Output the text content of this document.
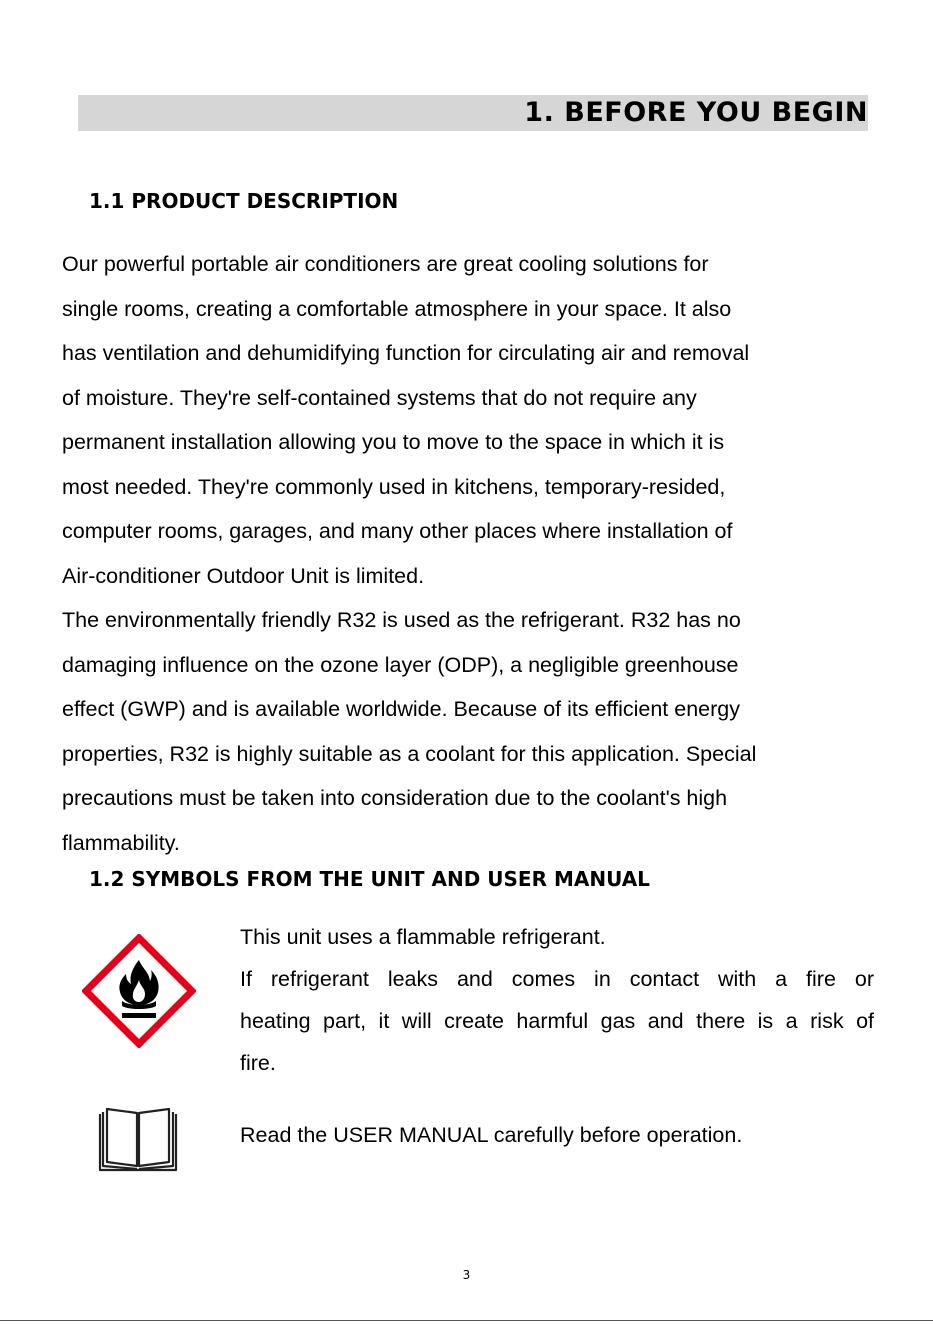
1. BEFORE YOU BEGIN
1.1 PRODUCT DESCRIPTION
Our powerful portable air conditioners are great cooling solutions for
single rooms, creating a comfortable atmosphere in your space. It also
has ventilation and dehumidifying function for circulating air and removal
of moisture. They're self-contained systems that do not require any
permanent installation allowing you to move to the space in which it is
most needed. They're commonly used in kitchens, temporary-resided,
computer rooms, garages, and many other places where installation of
Air-conditioner Outdoor Unit is limited.
The environmentally friendly R32 is used as the refrigerant. R32 has no
damaging influence on the ozone layer (ODP), a negligible greenhouse
effect (GWP) and is available worldwide. Because of its efficient energy
properties, R32 is highly suitable as a coolant for this application. Special
precautions must be taken into consideration due to the coolant's high
flammability.
1.2 SYMBOLS FROM THE UNIT AND USER MANUAL
This unit uses a flammable refrigerant.
If refrigerant leaks and comes in contact with a fire or
heating part, it will create harmful gas and there is a risk of
fire.
Read the USER MANUAL carefully before operation.
3
